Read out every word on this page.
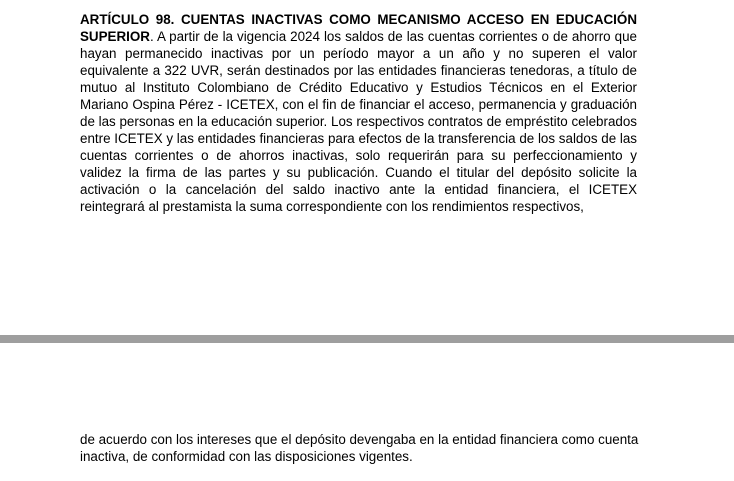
ARTÍCULO 98. CUENTAS INACTIVAS COMO MECANISMO ACCESO EN EDUCACIÓN SUPERIOR. A partir de la vigencia 2024 los saldos de las cuentas corrientes o de ahorro que hayan permanecido inactivas por un período mayor a un año y no superen el valor equivalente a 322 UVR, serán destinados por las entidades financieras tenedoras, a título de mutuo al Instituto Colombiano de Crédito Educativo y Estudios Técnicos en el Exterior Mariano Ospina Pérez - ICETEX, con el fin de financiar el acceso, permanencia y graduación de las personas en la educación superior. Los respectivos contratos de empréstito celebrados entre ICETEX y las entidades financieras para efectos de la transferencia de los saldos de las cuentas corrientes o de ahorros inactivas, solo requerirán para su perfeccionamiento y validez la firma de las partes y su publicación. Cuando el titular del depósito solicite la activación o la cancelación del saldo inactivo ante la entidad financiera, el ICETEX reintegrará al prestamista la suma correspondiente con los rendimientos respectivos,

de acuerdo con los intereses que el depósito devengaba en la entidad financiera como cuenta inactiva, de conformidad con las disposiciones vigentes.
